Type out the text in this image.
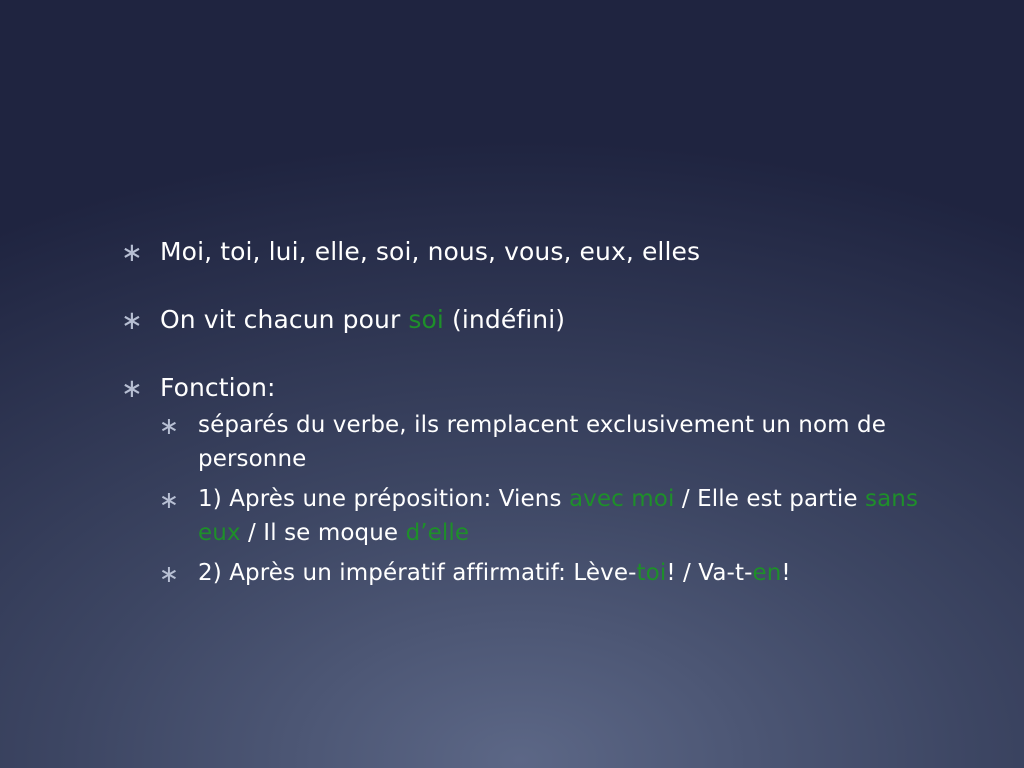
∗ Moi, toi, lui, elle, soi, nous, vous, eux, elles
∗ On vit chacun pour soi (indéfini)
∗ Fonction:
∗ séparés du verbe, ils remplacent exclusivement un nom de personne
∗ 1) Après une préposition: Viens avec moi / Elle est partie sans eux / Il se moque d’elle
∗ 2) Après un impératif affirmatif: Lève-toi! / Va-t-en!
